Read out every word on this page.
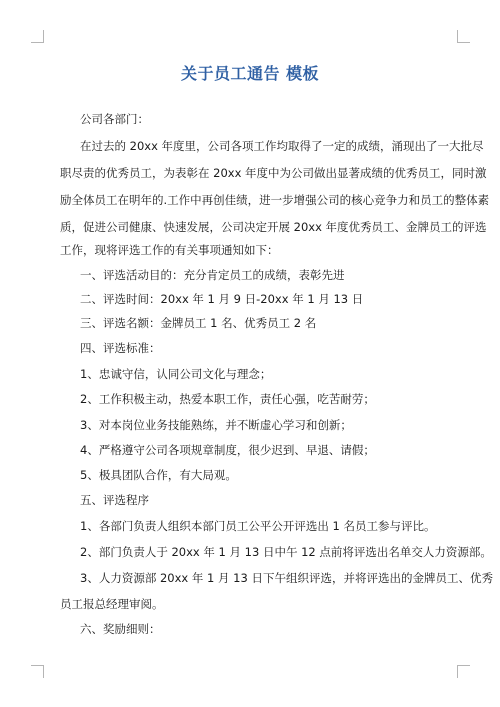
关于员工通告 模板
公司各部门：
在过去的 20xx 年度里，公司各项工作均取得了一定的成绩，涌现出了一大批尽
职尽责的优秀员工，为表彰在 20xx 年度中为公司做出显著成绩的优秀员工，同时激
励全体员工在明年的.工作中再创佳绩，进一步增强公司的核心竞争力和员工的整体素
质，促进公司健康、快速发展，公司决定开展 20xx 年度优秀员工、金牌员工的评选
工作，现将评选工作的有关事项通知如下：
一、评选活动目的：充分肯定员工的成绩，表彰先进
二、评选时间：20xx 年 1 月 9 日-20xx 年 1 月 13 日
三、评选名额：金牌员工 1 名、优秀员工 2 名
四、评选标准：
1、忠诚守信，认同公司文化与理念；
2、工作积极主动，热爱本职工作，责任心强，吃苦耐劳；
3、对本岗位业务技能熟练，并不断虚心学习和创新；
4、严格遵守公司各项规章制度，很少迟到、早退、请假；
5、极具团队合作，有大局观。
五、评选程序
1、各部门负责人组织本部门员工公平公开评选出 1 名员工参与评比。
2、部门负责人于 20xx 年 1 月 13 日中午 12 点前将评选出名单交人力资源部。
3、人力资源部 20xx 年 1 月 13 日下午组织评选，并将评选出的金牌员工、优秀
员工报总经理审阅。
六、奖励细则：
